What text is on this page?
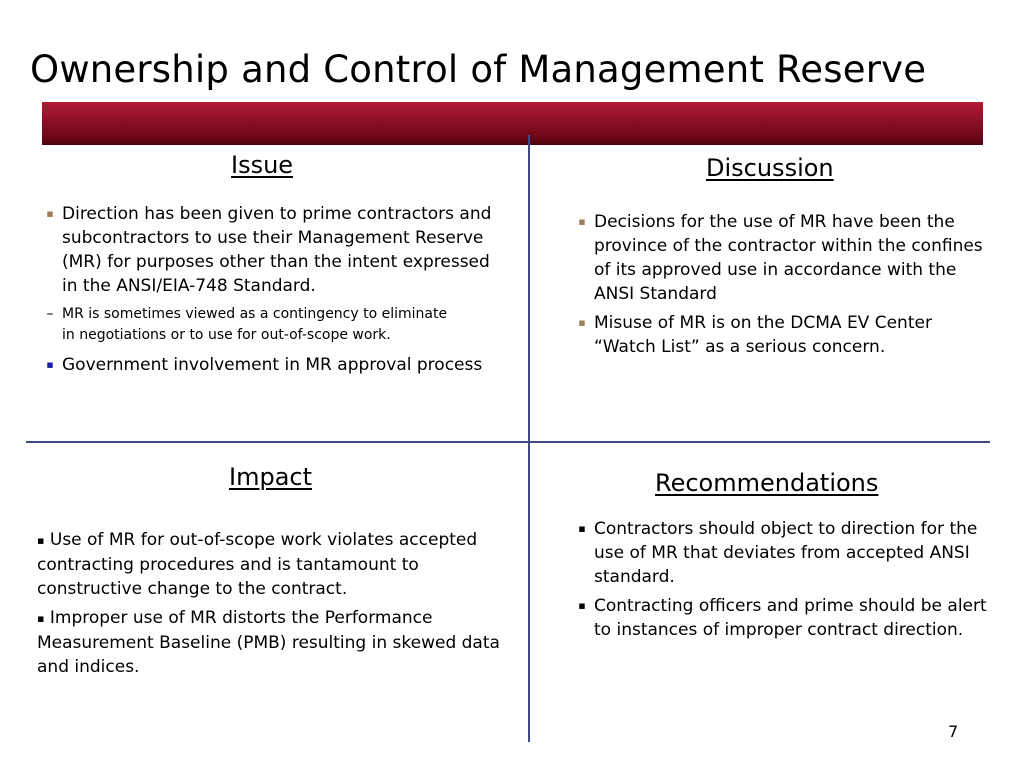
Ownership and Control of Management Reserve
Issue
▪ Direction has been given to prime contractors and subcontractors to use their Management Reserve (MR) for purposes other than the intent expressed in the ANSI/EIA-748 Standard.
– MR is sometimes viewed as a contingency to eliminate in negotiations or to use for out-of-scope work.
▪ Government involvement in MR approval process
Discussion
▪ Decisions for the use of MR have been the province of the contractor within the confines of its approved use in accordance with the ANSI Standard
▪ Misuse of MR is on the DCMA EV Center “Watch List” as a serious concern.
Impact

▪ Use of MR for out-of-scope work violates accepted contracting procedures and is tantamount to constructive change to the contract.

▪ Improper use of MR distorts the Performance Measurement Baseline (PMB) resulting in skewed data and indices.

Recommendations
▪ Contractors should object to direction for the use of MR that deviates from accepted ANSI standard.
▪ Contracting officers and prime should be alert to instances of improper contract direction.
7
